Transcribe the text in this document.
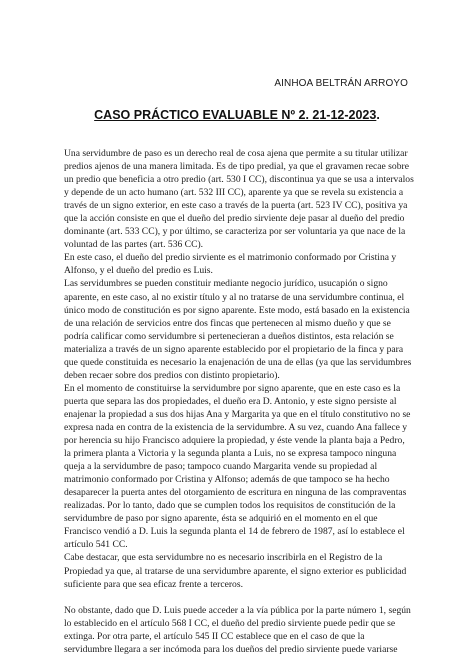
AINHOA BELTRÁN ARROYO
CASO PRÁCTICO EVALUABLE Nº 2. 21-12-2023.

Una servidumbre de paso es un derecho real de cosa ajena que permite a su titular utilizar predios ajenos de una manera limitada. Es de tipo predial, ya que el gravamen recae sobre un predio que beneficia a otro predio (art. 530 I CC), discontinua ya que se usa a intervalos y depende de un acto humano (art. 532 III CC), aparente ya que se revela su existencia a través de un signo exterior, en este caso a través de la puerta (art. 523 IV CC), positiva ya que la acción consiste en que el dueño del predio sirviente deje pasar al dueño del predio dominante (art. 533 CC), y por último, se caracteriza por ser voluntaria ya que nace de la voluntad de las partes (art. 536 CC).

En este caso, el dueño del predio sirviente es el matrimonio conformado por Cristina y Alfonso, y el dueño del predio es Luis.

Las servidumbres se pueden constituir mediante negocio jurídico, usucapión o signo aparente, en este caso, al no existir título y al no tratarse de una servidumbre continua, el único modo de constitución es por signo aparente. Este modo, está basado en la existencia de una relación de servicios entre dos fincas que pertenecen al mismo dueño y que se podría calificar como servidumbre si pertenecieran a dueños distintos, esta relación se materializa a través de un signo aparente establecido por el propietario de la finca y para que quede constituida es necesario la enajenación de una de ellas (ya que las servidumbres deben recaer sobre dos predios con distinto propietario).

En el momento de constituirse la servidumbre por signo aparente, que en este caso es la puerta que separa las dos propiedades, el dueño era D. Antonio, y este signo persiste al enajenar la propiedad a sus dos hijas Ana y Margarita ya que en el título constitutivo no se expresa nada en contra de la existencia de la servidumbre. A su vez, cuando Ana fallece y por herencia su hijo Francisco adquiere la propiedad, y éste vende la planta baja a Pedro, la primera planta a Victoria y la segunda planta a Luis, no se expresa tampoco ninguna queja a la servidumbre de paso; tampoco cuando Margarita vende su propiedad al matrimonio conformado por Cristina y Alfonso; además de que tampoco se ha hecho desaparecer la puerta antes del otorgamiento de escritura en ninguna de las compraventas realizadas. Por lo tanto, dado que se cumplen todos los requisitos de constitución de la servidumbre de paso por signo aparente, ésta se adquirió en el momento en el que Francisco vendió a D. Luis la segunda planta el 14 de febrero de 1987, así lo establece el artículo 541 CC.

Cabe destacar, que esta servidumbre no es necesario inscribirla en el Registro de la Propiedad ya que, al tratarse de una servidumbre aparente, el signo exterior es publicidad suficiente para que sea eficaz frente a terceros.

No obstante, dado que D. Luis puede acceder a la vía pública por la parte número 1, según lo establecido en el artículo 568 I CC, el dueño del predio sirviente puede pedir que se extinga. Por otra parte, el artículo 545 II CC establece que en el caso de que la servidumbre llegara a ser incómoda para los dueños del predio sirviente puede variarse
